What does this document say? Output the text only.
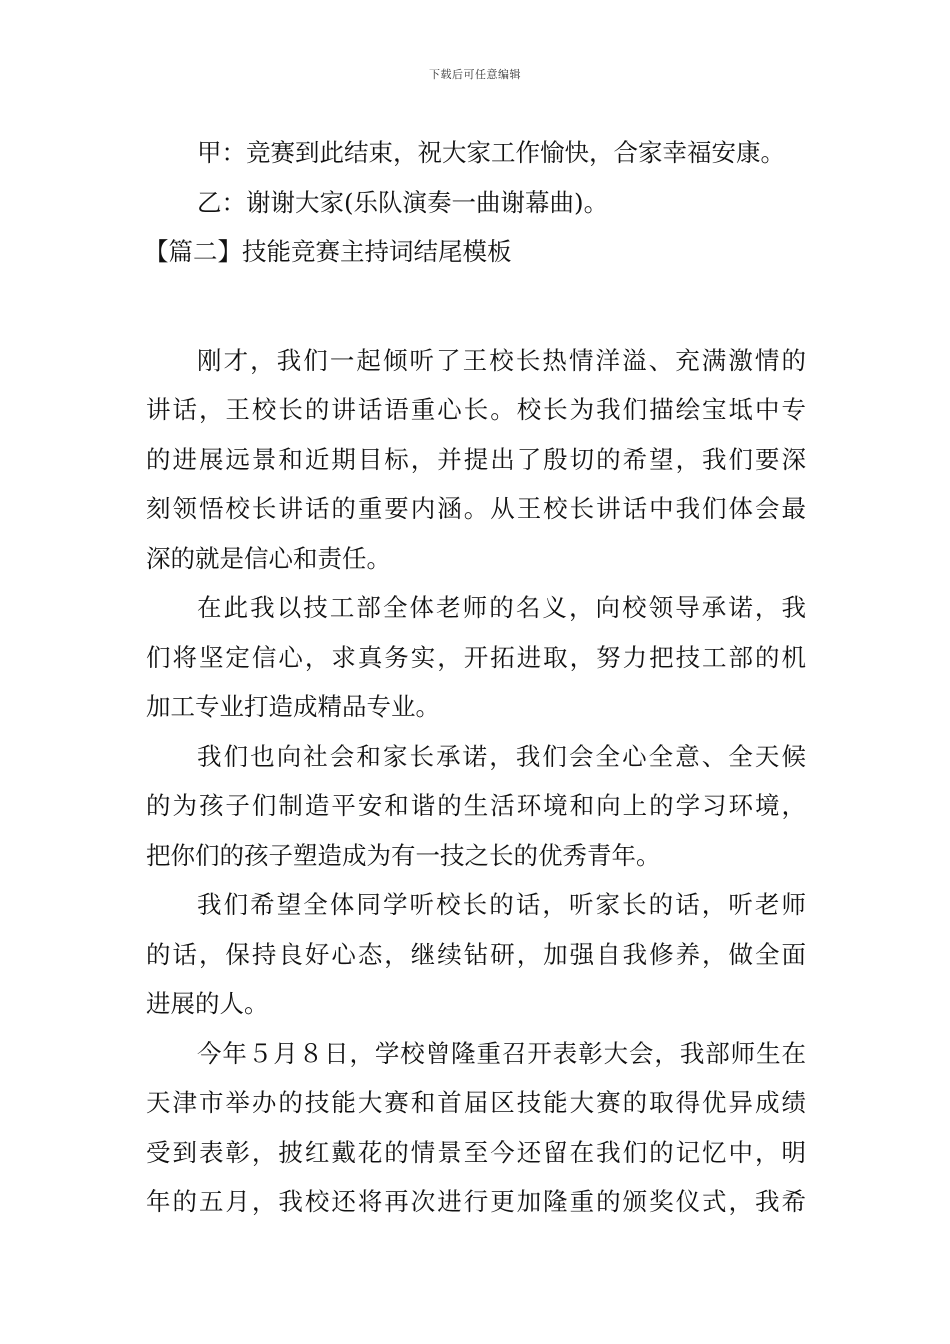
下载后可任意编辑
甲：竞赛到此结束，祝大家工作愉快，合家幸福安康。
乙：谢谢大家(乐队演奏一曲谢幕曲)。
【篇二】技能竞赛主持词结尾模板
刚才，我们一起倾听了王校长热情洋溢、充满激情的
讲话，王校长的讲话语重心长。校长为我们描绘宝坻中专
的进展远景和近期目标，并提出了殷切的希望，我们要深
刻领悟校长讲话的重要内涵。从王校长讲话中我们体会最
深的就是信心和责任。
在此我以技工部全体老师的名义，向校领导承诺，我
们将坚定信心，求真务实，开拓进取，努力把技工部的机
加工专业打造成精品专业。
我们也向社会和家长承诺，我们会全心全意、全天候
的为孩子们制造平安和谐的生活环境和向上的学习环境，
把你们的孩子塑造成为有一技之长的优秀青年。
我们希望全体同学听校长的话，听家长的话，听老师
的话，保持良好心态，继续钻研，加强自我修养，做全面
进展的人。
今年５月８日，学校曾隆重召开表彰大会，我部师生在
天津市举办的技能大赛和首届区技能大赛的取得优异成绩
受到表彰，披红戴花的情景至今还留在我们的记忆中，明
年的五月，我校还将再次进行更加隆重的颁奖仪式，我希
